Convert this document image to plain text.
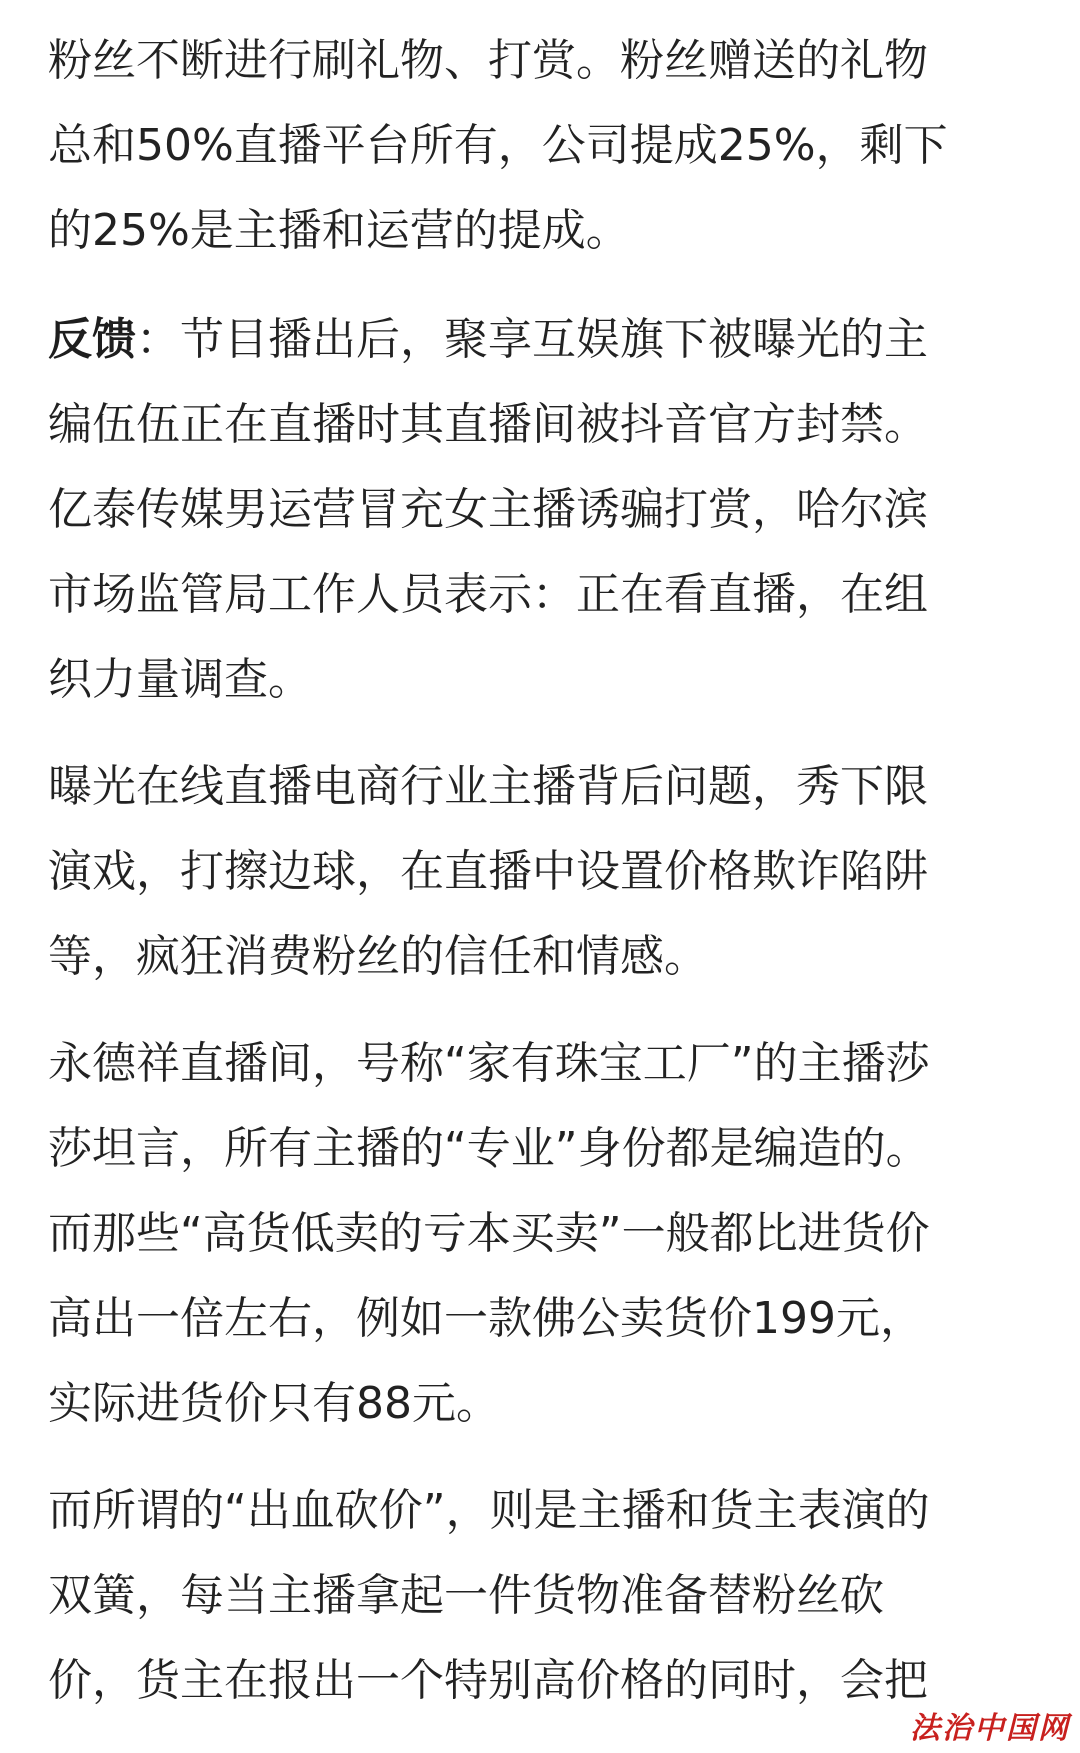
粉丝不断进行刷礼物、打赏。粉丝赠送的礼物
总和50%直播平台所有，公司提成25%，剩下
的25%是主播和运营的提成。

反馈：节目播出后，聚享互娱旗下被曝光的主
编伍伍正在直播时其直播间被抖音官方封禁。
亿泰传媒男运营冒充女主播诱骗打赏，哈尔滨
市场监管局工作人员表示：正在看直播，在组
织力量调查。

曝光在线直播电商行业主播背后问题，秀下限
演戏，打擦边球，在直播中设置价格欺诈陷阱
等，疯狂消费粉丝的信任和情感。

永德祥直播间，号称“家有珠宝工厂”的主播莎
莎坦言，所有主播的“专业”身份都是编造的。
而那些“高货低卖的亏本买卖”一般都比进货价
高出一倍左右，例如一款佛公卖货价199元，
实际进货价只有88元。

而所谓的“出血砍价”，则是主播和货主表演的
双簧，每当主播拿起一件货物准备替粉丝砍
价，货主在报出一个特别高价格的同时，会把

法治中国网
